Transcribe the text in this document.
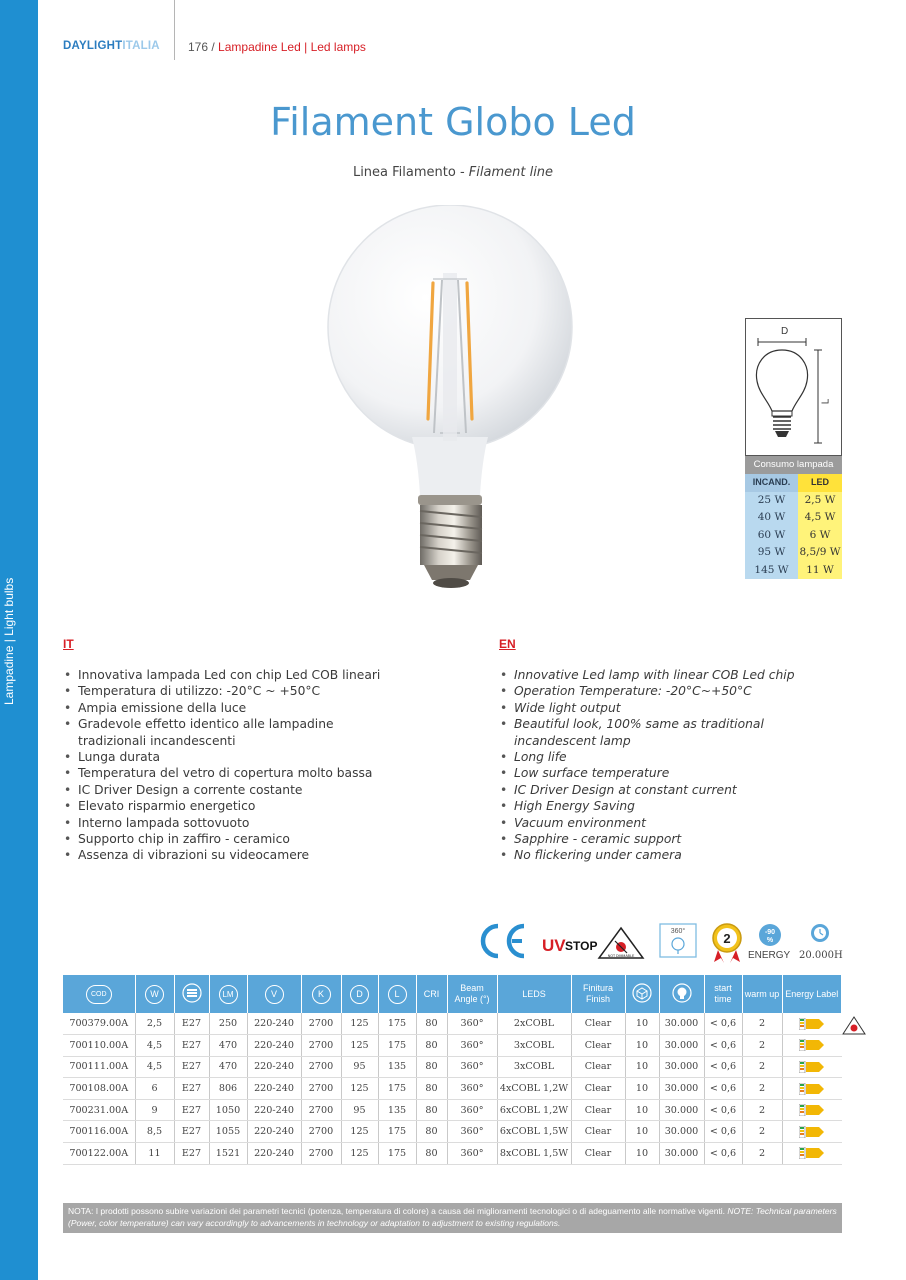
DAYLIGHTITALIA 176 / Lampadine Led | Led lamps
Filament Globo Led
Linea Filamento - Filament line
D
L
Consumo lampada
INCAND.	LED
25 W	2,5 W
40 W	4,5 W
60 W	6 W
95 W	8,5/9 W
145 W	11 W
IT	EN
• Innovativa lampada Led con chip Led COB lineari
• Temperatura di utilizzo: -20°C ~ +50°C
• Ampia emissione della luce
• Gradevole effetto identico alle lampadine tradizionali incandescenti
• Lunga durata
• Temperatura del vetro di copertura molto bassa
• IC Driver Design a corrente costante
• Elevato risparmio energetico
• Interno lampada sottovuoto
• Supporto chip in zaffiro - ceramico
• Assenza di vibrazioni su videocamere
• Innovative Led lamp with linear COB Led chip
• Operation Temperature: -20°C~+50°C
• Wide light output
• Beautiful look, 100% same as traditional incandescent lamp
• Long life
• Low surface temperature
• IC Driver Design at constant current
• High Energy Saving
• Vacuum environment
• Sapphire - ceramic support
• No flickering under camera
UV STOP
NOT DIMMABLE
360°	2	-90
%
ENERGY 20.000H
COD	W		LM	V	K	D	L	CRI	Beam Angle (°)	LEDS	Finitura Finish			start time	warm up	Energy Label
700379.00A	2,5	E27	250	220-240	2700	125	175	80	360°	2xCOBL	Clear	10	30.000	< 0,6	2	
700110.00A	4,5	E27	470	220-240	2700	125	175	80	360°	3xCOBL	Clear	10	30.000	< 0,6	2	
700111.00A	4,5	E27	470	220-240	2700	95	135	80	360°	3xCOBL	Clear	10	30.000	< 0,6	2	
700108.00A	6	E27	806	220-240	2700	125	175	80	360°	4xCOBL 1,2W	Clear	10	30.000	< 0,6	2	
700231.00A	9	E27	1050	220-240	2700	95	135	80	360°	6xCOBL 1,2W	Clear	10	30.000	< 0,6	2	
700116.00A	8,5	E27	1055	220-240	2700	125	175	80	360°	6xCOBL 1,5W	Clear	10	30.000	< 0,6	2	
700122.00A	11	E27	1521	220-240	2700	125	175	80	360°	8xCOBL 1,5W	Clear	10	30.000	< 0,6	2	
NOTA: I prodotti possono subire variazioni dei parametri tecnici (potenza, temperatura di colore) a causa dei miglioramenti tecnologici o di adeguamento alle normative vigenti. NOTE: Technical parameters (Power, color temperature) can vary accordingly to advancements in technology or adaptation to adjustment to existing regulations.
